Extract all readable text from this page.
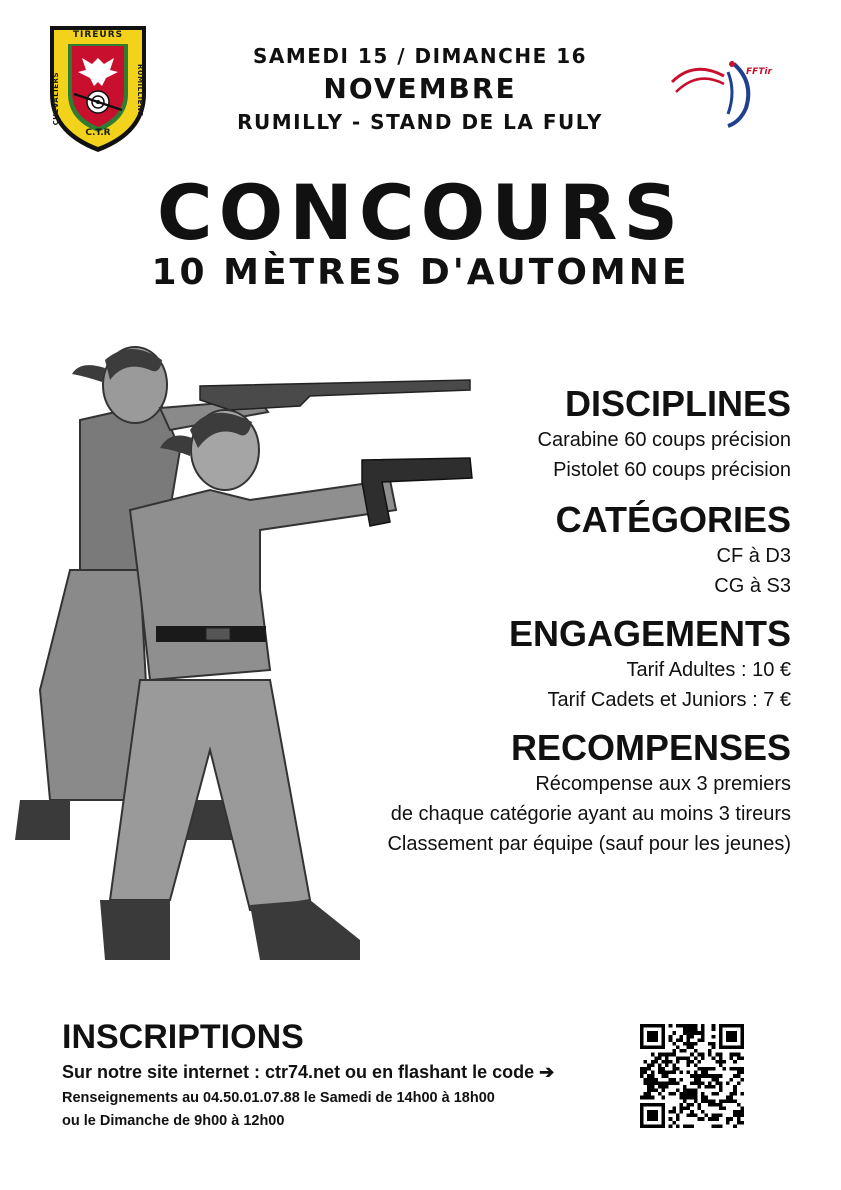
TIREURS
CHEVALIERS	RUMILLIENS
C.T.R
SAMEDI 15 / DIMANCHE 16
NOVEMBRE
RUMILLY - STAND DE LA FULY
FFTir
CONCOURS
10 MÈTRES D'AUTOMNE
DISCIPLINES
Carabine 60 coups précision
Pistolet 60 coups précision
CATÉGORIES
CF à D3
CG à S3
ENGAGEMENTS
Tarif Adultes : 10 €
Tarif Cadets et Juniors : 7 €
RECOMPENSES
Récompense aux 3 premiers
de chaque catégorie ayant au moins 3 tireurs
Classement par équipe (sauf pour les jeunes)
INSCRIPTIONS
Sur notre site internet : ctr74.net ou en flashant le code ➔
Renseignements au 04.50.01.07.88 le Samedi de 14h00 à 18h00
ou le Dimanche de 9h00 à 12h00
